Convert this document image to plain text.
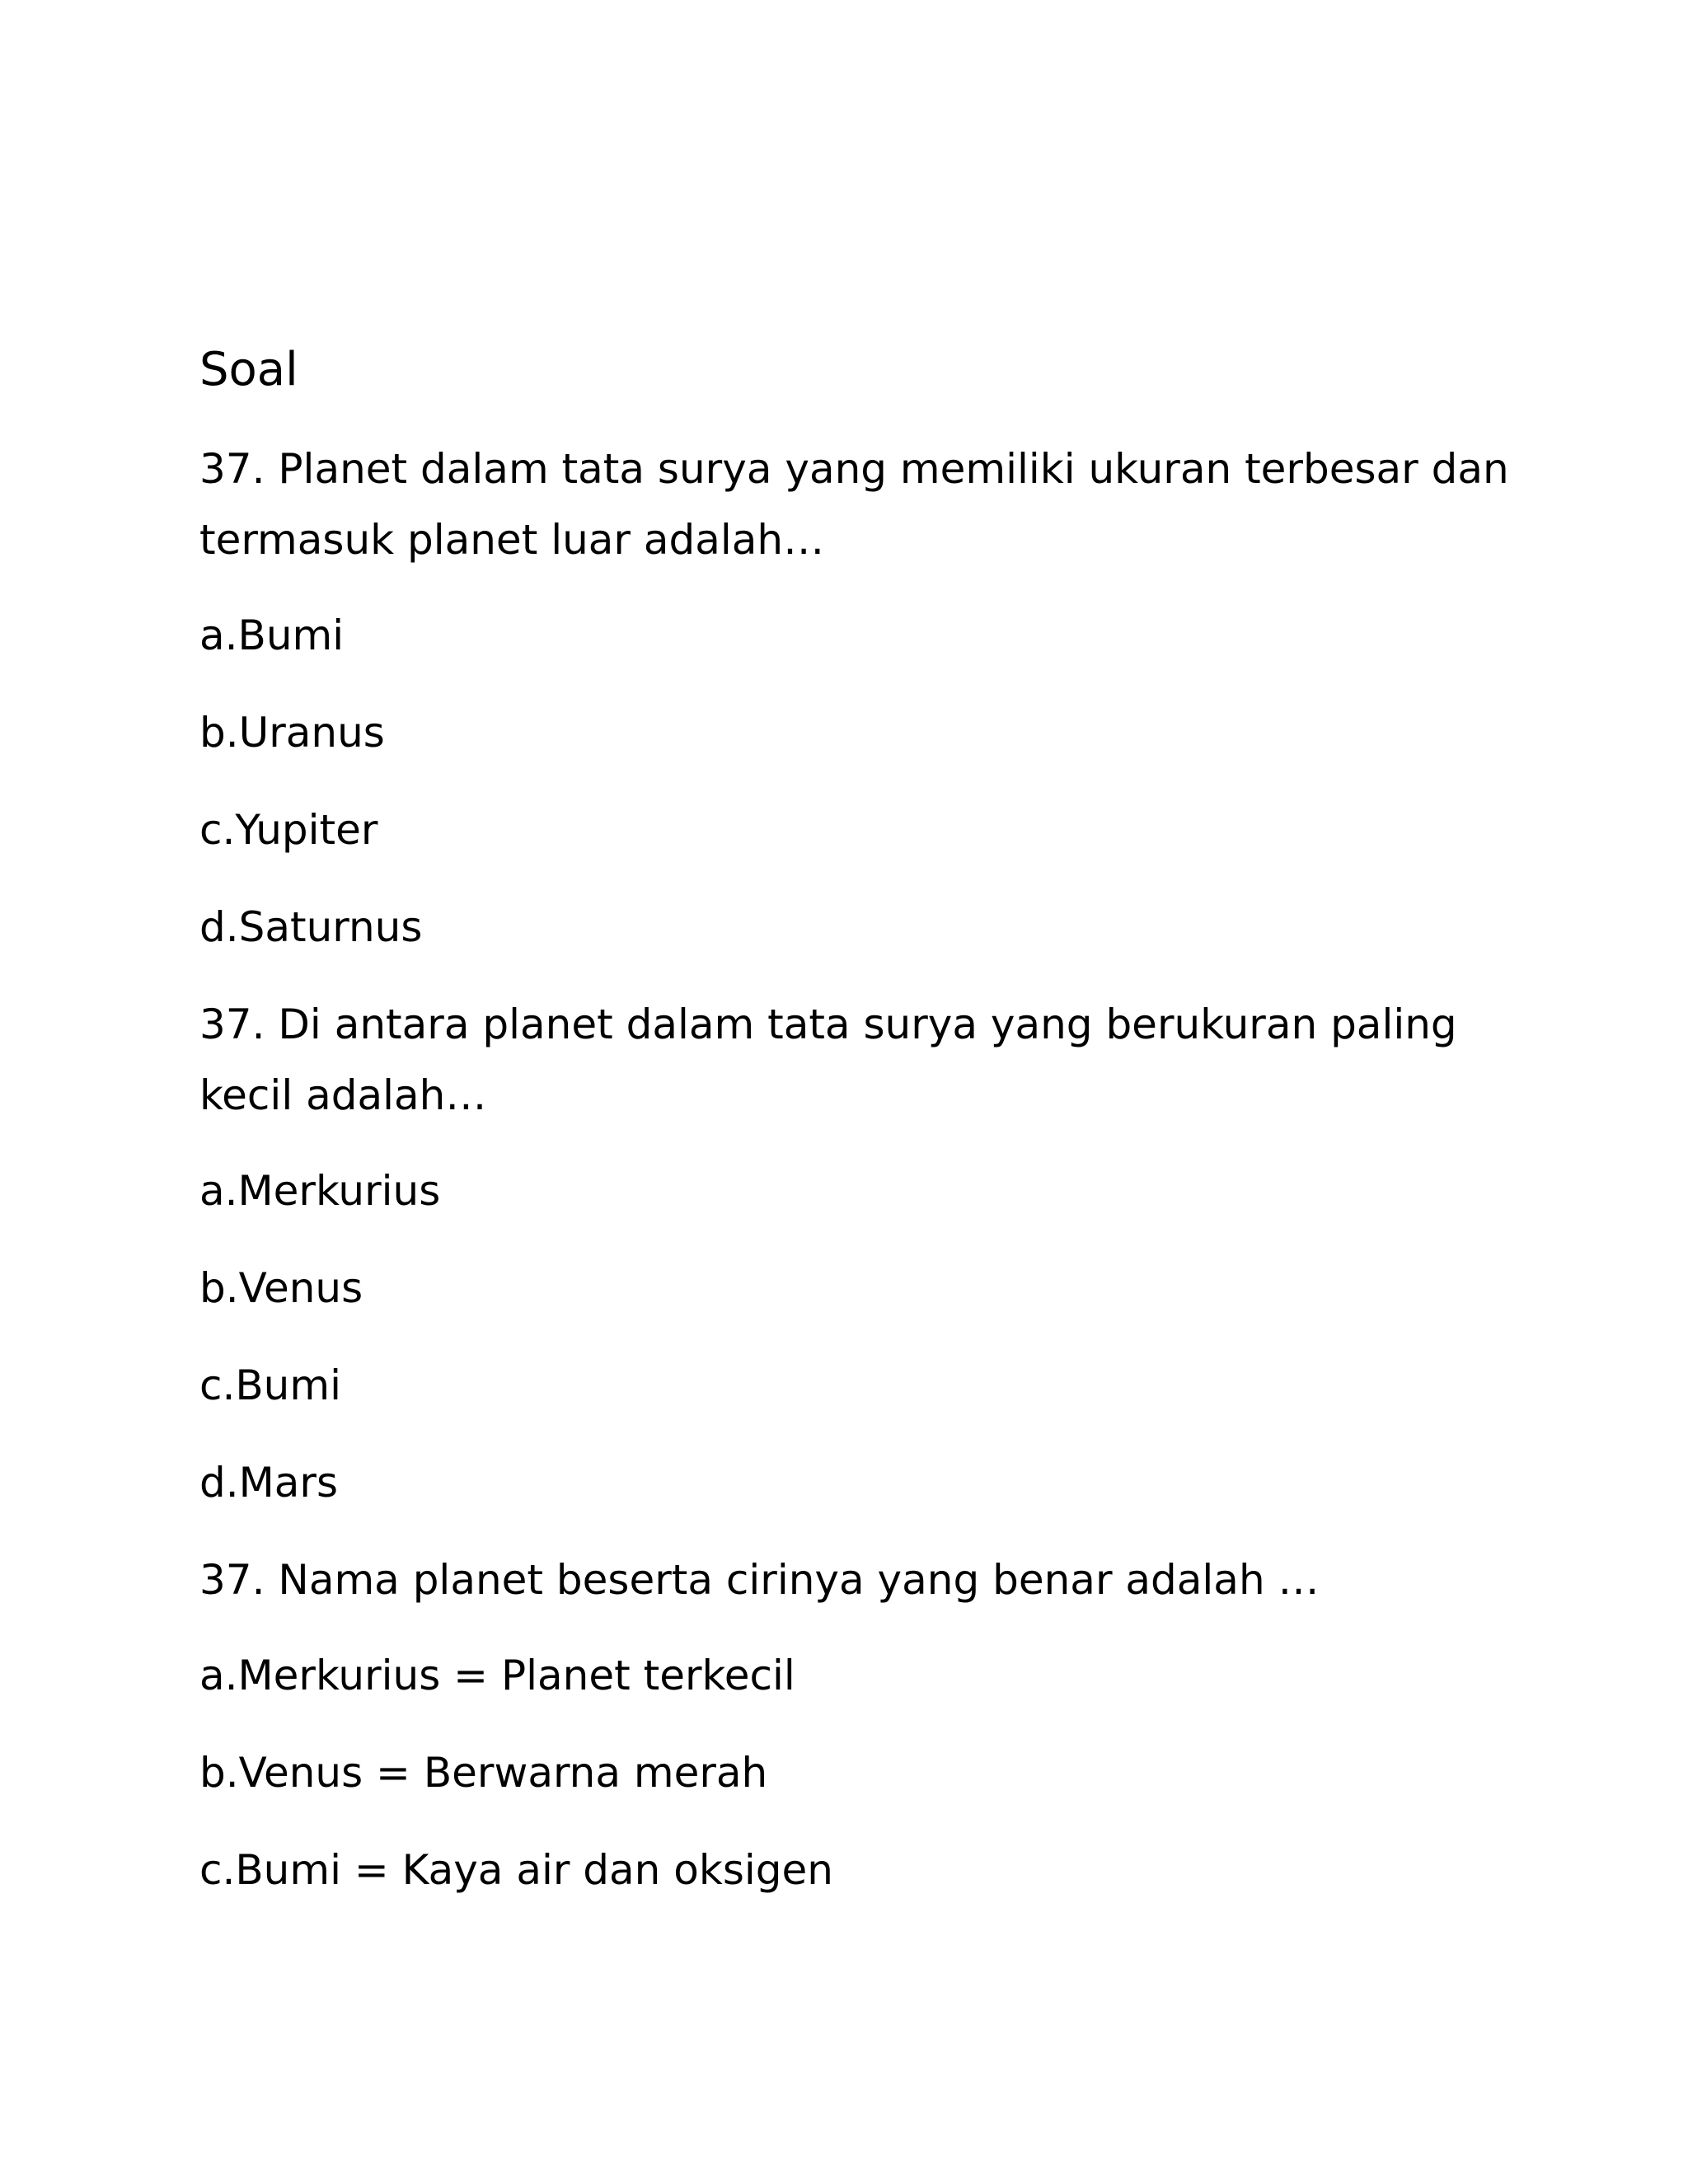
Soal

37. Planet dalam tata surya yang memiliki ukuran terbesar dan termasuk planet luar adalah…

a.Bumi

b.Uranus

c.Yupiter

d.Saturnus

37. Di antara planet dalam tata surya yang berukuran paling kecil adalah…

a.Merkurius

b.Venus

c.Bumi

d.Mars

37. Nama planet beserta cirinya yang benar adalah …

a.Merkurius = Planet terkecil

b.Venus = Berwarna merah

c.Bumi = Kaya air dan oksigen
